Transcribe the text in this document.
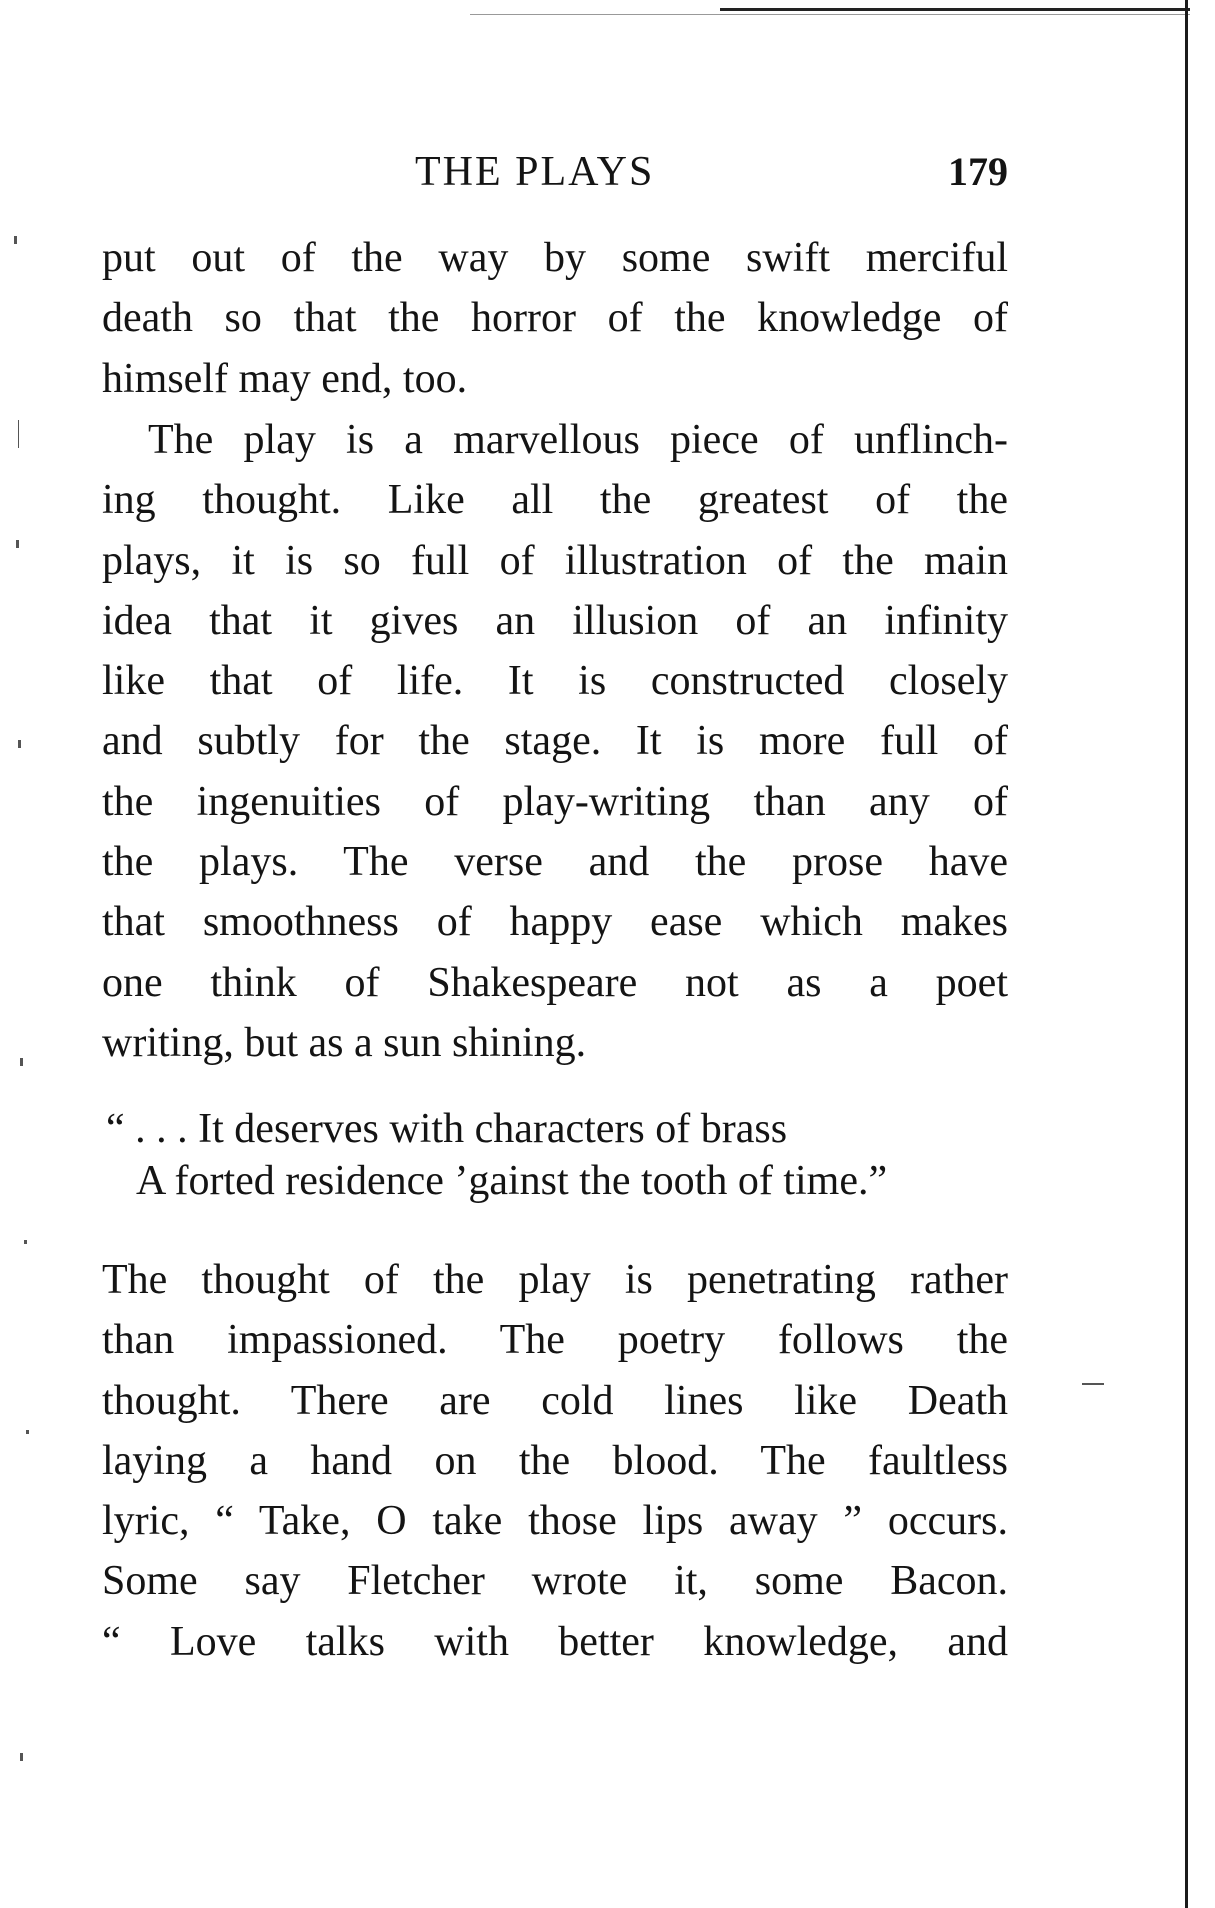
THE PLAYS	179
put out of the way by some swift merciful
death so that the horror of the knowledge of
himself may end, too.
The play is a marvellous piece of unflinch-
ing thought. Like all the greatest of the
plays, it is so full of illustration of the main
idea that it gives an illusion of an infinity
like that of life. It is constructed closely
and subtly for the stage. It is more full of
the ingenuities of play-writing than any of
the plays. The verse and the prose have
that smoothness of happy ease which makes
one think of Shakespeare not as a poet
writing, but as a sun shining.
“ . . . It deserves with characters of brass
A forted residence ’gainst the tooth of time.”
The thought of the play is penetrating rather
than impassioned. The poetry follows the
thought. There are cold lines like Death
laying a hand on the blood. The faultless
lyric, “ Take, O take those lips away ” occurs.
Some say Fletcher wrote it, some Bacon.
“ Love talks with better knowledge, and
